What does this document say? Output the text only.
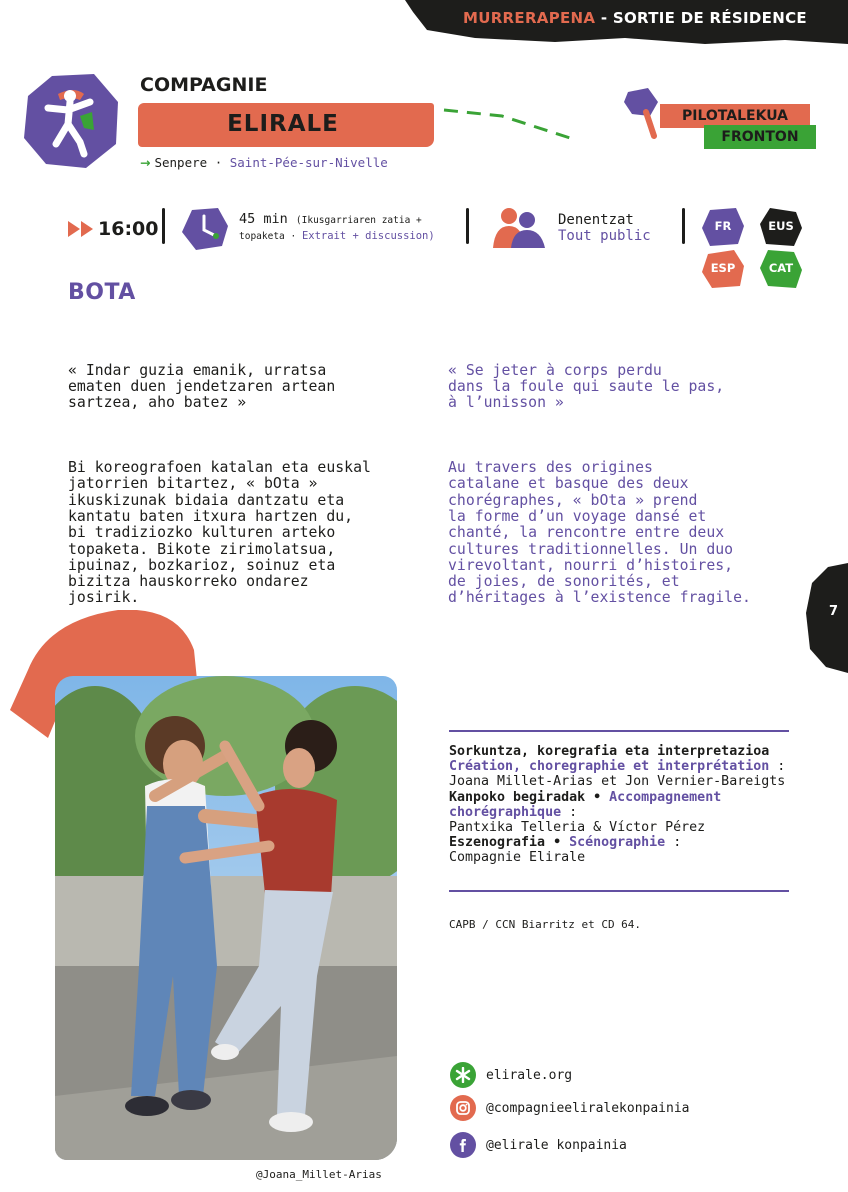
MURRERAPENA - SORTIE DE RÉSIDENCE
COMPAGNIE
ELIRALE
→ Senpere · Saint-Pée-sur-Nivelle
PILOTALEKUA
FRONTON
16:00	45 min (Ikusgarriaren zatia +
topaketa · Extrait + discussion)
Denentzat
Tout public
FR	EUS
ESP	CAT
BOTA

« Indar guzia emanik, urratsa
ematen duen jendetzaren artean
sartzea, aho batez »

Bi koreografoen katalan eta euskal
jatorrien bitartez, « bOta »
ikuskizunak bidaia dantzatu eta
kantatu baten itxura hartzen du,
bi tradiziozko kulturen arteko
topaketa. Bikote zirimolatsua,
ipuinaz, bozkarioz, soinuz eta
bizitza hauskorreko ondarez
josirik.

« Se jeter à corps perdu
dans la foule qui saute le pas,
à l’unisson »

Au travers des origines
catalane et basque des deux
chorégraphes, « bOta » prend
la forme d’un voyage dansé et
chanté, la rencontre entre deux
cultures traditionnelles. Un duo
virevoltant, nourri d’histoires,
de joies, de sonorités, et
d’héritages à l’existence fragile.

7
@Joana_Millet-Arias
Sorkuntza, koregrafia eta interpretazioa
Création, choregraphie et interprétation :
Joana Millet-Arias et Jon Vernier-Bareigts
Kanpoko begiradak • Accompagnement
chorégraphique :
Pantxika Telleria & Víctor Pérez
Eszenografia • Scénographie :
Compagnie Elirale
CAPB / CCN Biarritz et CD 64.
elirale.org
@compagnieeliralekonpainia
@elirale konpainia
